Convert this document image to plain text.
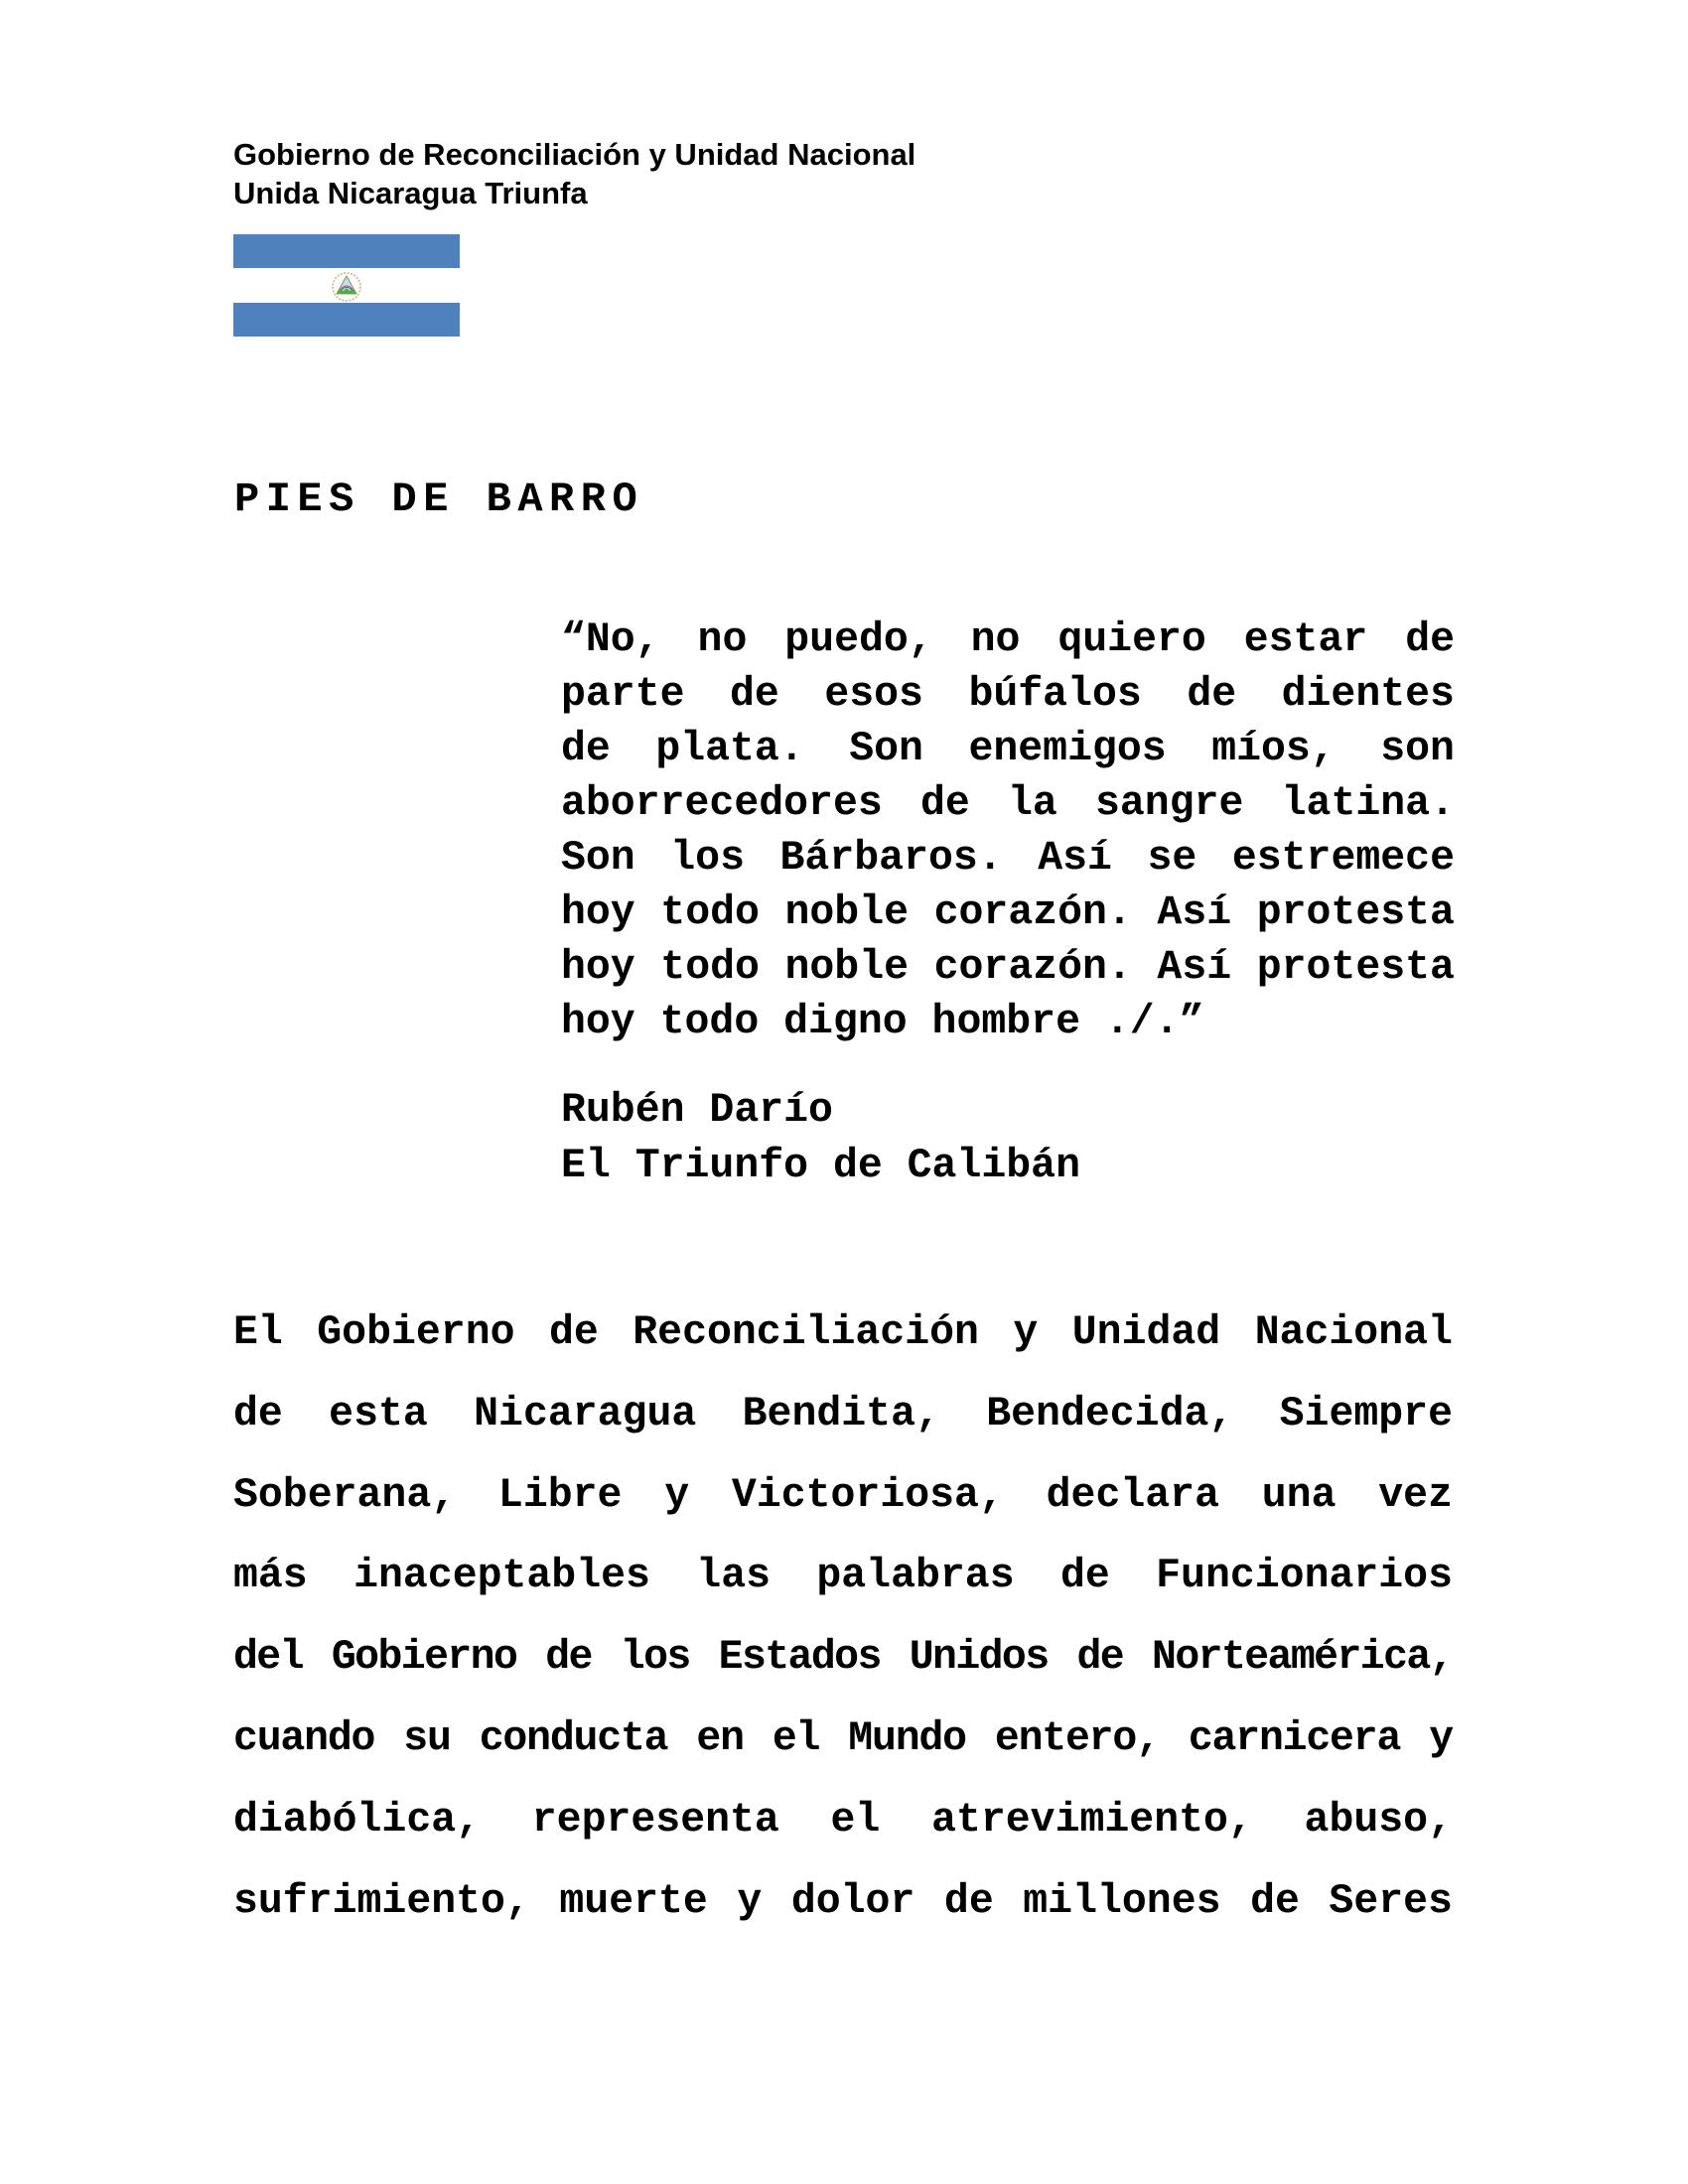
Gobierno de Reconciliación y Unidad Nacional
Unida Nicaragua Triunfa
PIES DE BARRO
“No, no puedo, no quiero estar de
parte de esos búfalos de dientes
de plata. Son enemigos míos, son
aborrecedores de la sangre latina.
Son los Bárbaros. Así se estremece
hoy todo noble corazón. Así protesta
hoy todo noble corazón. Así protesta
hoy todo digno hombre ./.”
Rubén Darío
El Triunfo de Calibán
El Gobierno de Reconciliación y Unidad Nacional
de esta Nicaragua Bendita, Bendecida, Siempre
Soberana, Libre y Victoriosa, declara una vez
más inaceptables las palabras de Funcionarios
del Gobierno de los Estados Unidos de Norteamérica,
cuando su conducta en el Mundo entero, carnicera y
diabólica, representa el atrevimiento, abuso,
sufrimiento, muerte y dolor de millones de Seres
